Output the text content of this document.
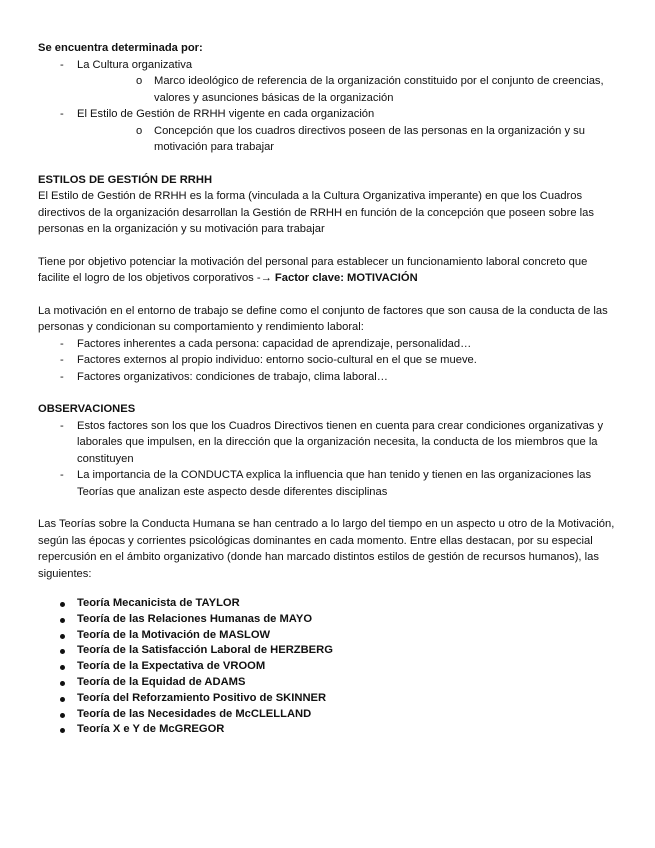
Se encuentra determinada por:

- La Cultura organizativa
o Marco ideológico de referencia de la organización constituido por el conjunto de creencias, valores y asunciones básicas de la organización
- El Estilo de Gestión de RRHH vigente en cada organización
o Concepción que los cuadros directivos poseen de las personas en la organización y su motivación para trabajar

ESTILOS DE GESTIÓN DE RRHH

El Estilo de Gestión de RRHH es la forma (vinculada a la Cultura Organizativa imperante) en que los Cuadros directivos de la organización desarrollan la Gestión de RRHH en función de la concepción que poseen sobre las personas en la organización y su motivación para trabajar

Tiene por objetivo potenciar la motivación del personal para establecer un funcionamiento laboral concreto que facilite el logro de los objetivos corporativos -→ Factor clave: MOTIVACIÓN

La motivación en el entorno de trabajo se define como el conjunto de factores que son causa de la conducta de las personas y condicionan su comportamiento y rendimiento laboral:

- Factores inherentes a cada persona: capacidad de aprendizaje, personalidad…
- Factores externos al propio individuo: entorno socio-cultural en el que se mueve.
- Factores organizativos: condiciones de trabajo, clima laboral…

OBSERVACIONES

- Estos factores son los que los Cuadros Directivos tienen en cuenta para crear condiciones organizativas y laborales que impulsen, en la dirección que la organización necesita, la conducta de los miembros que la constituyen
- La importancia de la CONDUCTA explica la influencia que han tenido y tienen en las organizaciones las Teorías que analizan este aspecto desde diferentes disciplinas

Las Teorías sobre la Conducta Humana se han centrado a lo largo del tiempo en un aspecto u otro de la Motivación, según las épocas y corrientes psicológicas dominantes en cada momento. Entre ellas destacan, por su especial repercusión en el ámbito organizativo (donde han marcado distintos estilos de gestión de recursos humanos), las siguientes:

Teoría Mecanicista de TAYLOR
Teoría de las Relaciones Humanas de MAYO
Teoría de la Motivación de MASLOW
Teoría de la Satisfacción Laboral de HERZBERG
Teoría de la Expectativa de VROOM
Teoría de la Equidad de ADAMS
Teoría del Reforzamiento Positivo de SKINNER
Teoría de las Necesidades de McCLELLAND
Teoría X e Y de McGREGOR
